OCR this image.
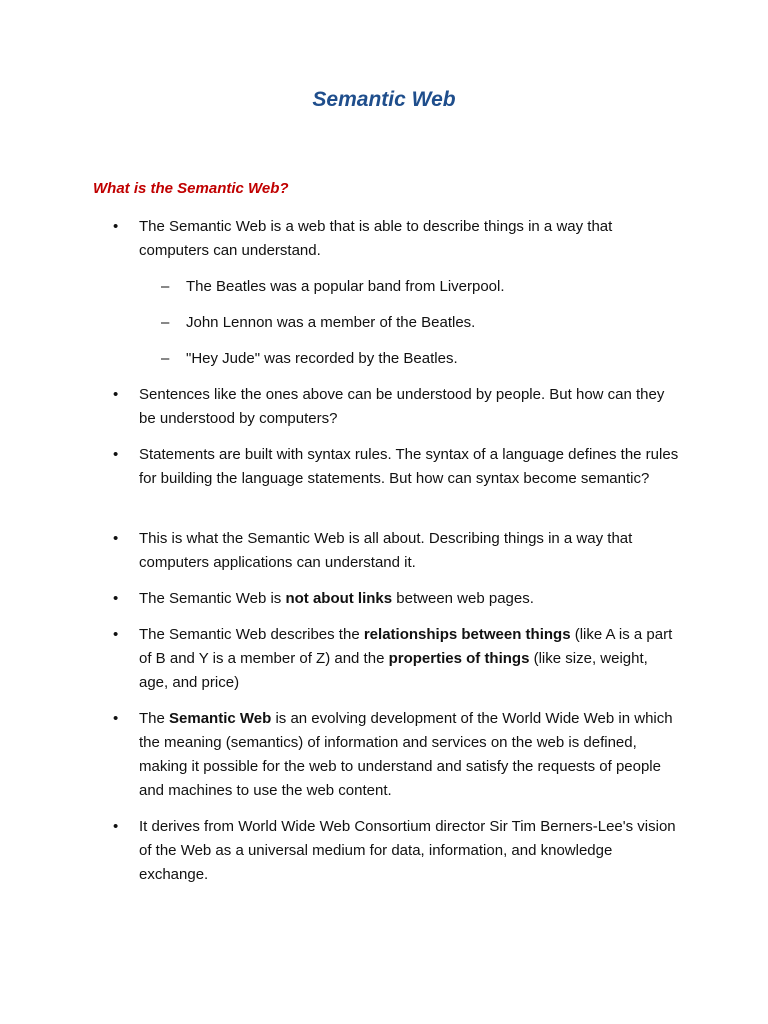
Semantic Web
What is the Semantic Web?
• The Semantic Web is a web that is able to describe things in a way that computers can understand.
– The Beatles was a popular band from Liverpool.
– John Lennon was a member of the Beatles.
– "Hey Jude" was recorded by the Beatles.
• Sentences like the ones above can be understood by people. But how can they be understood by computers?
• Statements are built with syntax rules. The syntax of a language defines the rules for building the language statements. But how can syntax become semantic?
• This is what the Semantic Web is all about. Describing things in a way that computers applications can understand it.
• The Semantic Web is not about links between web pages.
• The Semantic Web describes the relationships between things (like A is a part of B and Y is a member of Z) and the properties of things (like size, weight, age, and price)
• The Semantic Web is an evolving development of the World Wide Web in which the meaning (semantics) of information and services on the web is defined, making it possible for the web to understand and satisfy the requests of people and machines to use the web content.
• It derives from World Wide Web Consortium director Sir Tim Berners-Lee's vision of the Web as a universal medium for data, information, and knowledge exchange.
